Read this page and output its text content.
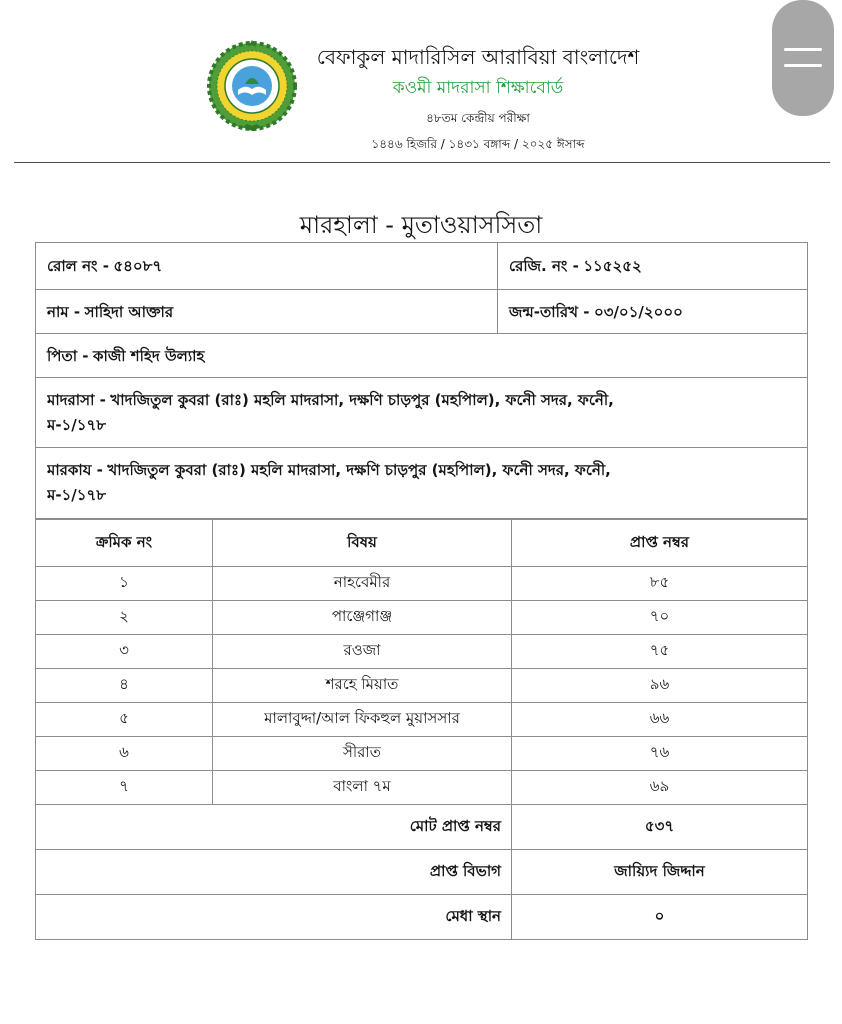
বেফাকুল মাদারিসিল আরাবিয়া বাংলাদেশ
কওমী মাদরাসা শিক্ষাবোর্ড
৪৮তম কেন্দ্রীয় পরীক্ষা
১৪৪৬ হিজরি / ১৪৩১ বঙ্গাব্দ / ২০২৫ ঈসাব্দ
মারহালা - মুতাওয়াসসিতা
রোল নং - ৫৪০৮৭	রেজি. নং - ১১৫২৫২
নাম - সাহিদা আক্তার	জন্ম-তারিখ - ০৩/০১/২০০০
পিতা - কাজী শহিদ উল্যাহ	

মাদরাসা - খাদজিতুল কুবরা (রাঃ) মহলি মাদরাসা, দক্ষণি চাড়পুর (মহপিাল), ফনেী সদর, ফনেী,
ম-১/১৭৮	

মারকায - খাদজিতুল কুবরা (রাঃ) মহলি মাদরাসা, দক্ষণি চাড়পুর (মহপিাল), ফনেী সদর, ফনেী,
ম-১/১৭৮	
ক্রমিক নং	বিষয়	প্রাপ্ত নম্বর
১	নাহবেমীর	৮৫
২	পাঞ্জেগাঞ্জ	৭০
৩	রওজা	৭৫
৪	শরহে মিয়াত	৯৬
৫	মালাবুদ্দা/আল ফিকহুল মুয়াসসার	৬৬
৬	সীরাত	৭৬
৭	বাংলা ৭ম	৬৯
মোট প্রাপ্ত নম্বর		৫৩৭
প্রাপ্ত বিভাগ		জায়্যিদ জিদ্দান
মেধা স্থান		০
